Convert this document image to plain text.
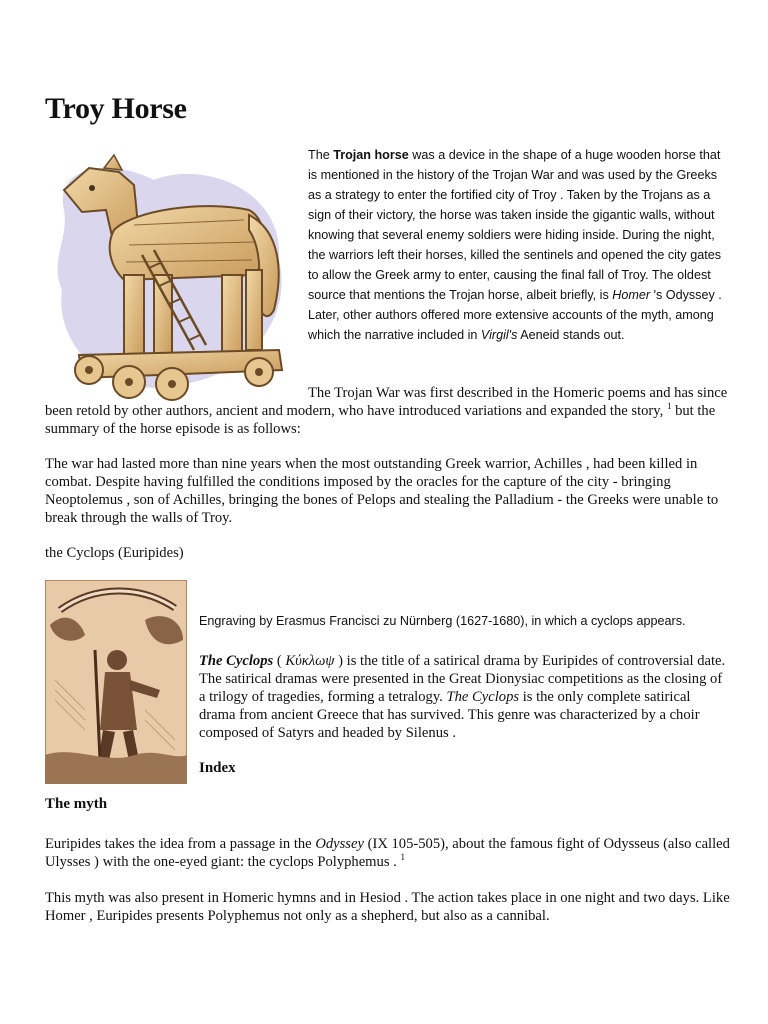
Troy Horse

The Trojan horse was a device in the shape of a huge wooden horse that is mentioned in the history of the Trojan War and was used by the Greeks as a strategy to enter the fortified city of Troy . Taken by the Trojans as a sign of their victory, the horse was taken inside the gigantic walls, without knowing that several enemy soldiers were hiding inside. During the night, the warriors left their horses, killed the sentinels and opened the city gates to allow the Greek army to enter, causing the final fall of Troy. The oldest source that mentions the Trojan horse, albeit briefly, is Homer 's Odyssey . Later, other authors offered more extensive accounts of the myth, among which the narrative included in Virgil's Aeneid stands out.

The Trojan War was first described in the Homeric poems and has since been retold by other authors, ancient and modern, who have introduced variations and expanded the story, $^1$ but the summary of the horse episode is as follows:

The war had lasted more than nine years when the most outstanding Greek warrior, Achilles , had been killed in combat. Despite having fulfilled the conditions imposed by the oracles for the capture of the city - bringing Neoptolemus , son of Achilles, bringing the bones of Pelops and stealing the Palladium - the Greeks were unable to break through the walls of Troy.

the Cyclops (Euripides)

Engraving by Erasmus Francisci zu Nürnberg (1627-1680), in which a cyclops appears.

The Cyclops ( Κύκλωψ ) is the title of a satirical drama by Euripides of controversial date. The satirical dramas were presented in the Great Dionysiac competitions as the closing of a trilogy of tragedies, forming a tetralogy. The Cyclops is the only complete satirical drama from ancient Greece that has survived. This genre was characterized by a choir composed of Satyrs and headed by Silenus .

Index

The myth

Euripides takes the idea from a passage in the Odyssey (IX 105-505), about the famous fight of Odysseus (also called Ulysses ) with the one-eyed giant: the cyclops Polyphemus . $^1$

This myth was also present in Homeric hymns and in Hesiod . The action takes place in one night and two days. Like Homer , Euripides presents Polyphemus not only as a shepherd, but also as a cannibal.
